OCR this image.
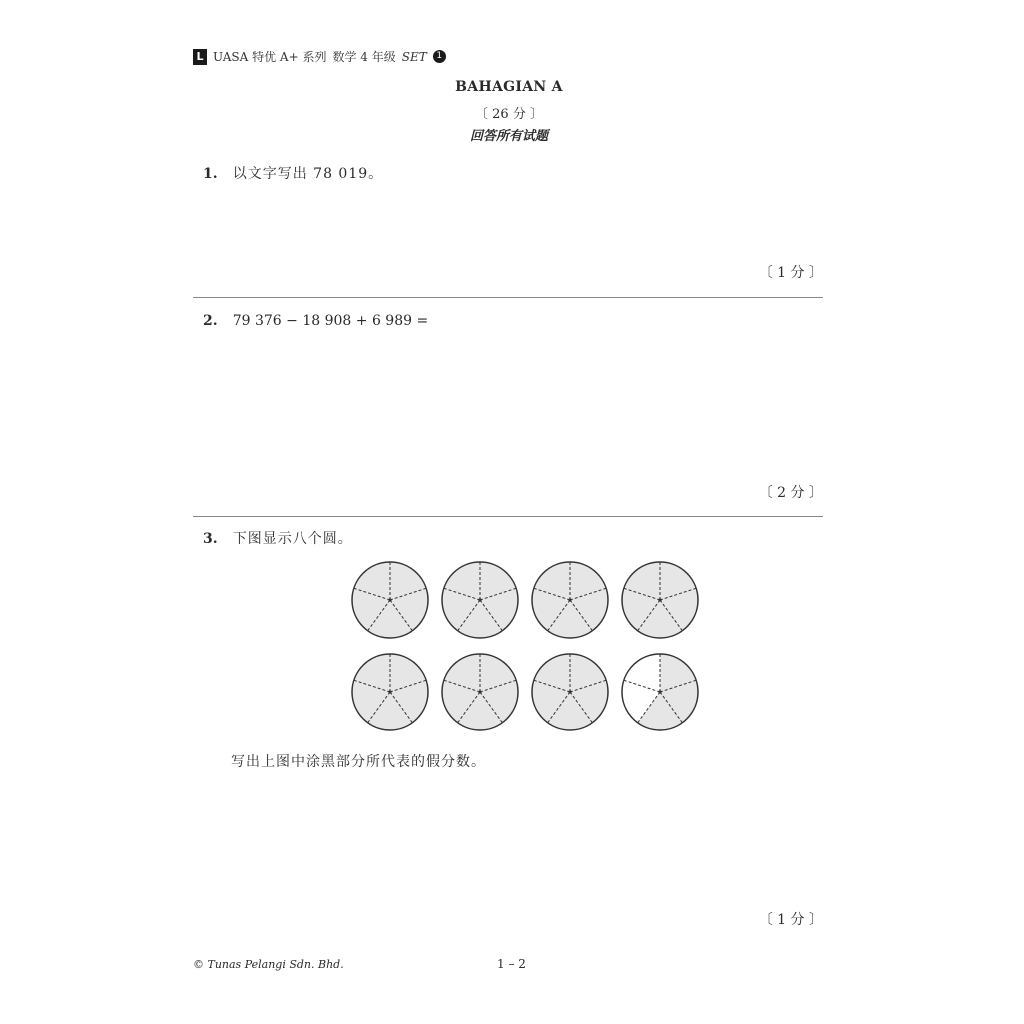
L UASA 特优 A+ 系列 数学 4 年级 SET	1
BAHAGIAN A
〔 26 分 〕
回答所有试题
1. 以文字写出 78 019。
〔 1 分 〕
2. 79 376 − 18 908 + 6 989 =
〔 2 分 〕
3. 下图显示八个圆。
写出上图中涂黑部分所代表的假分数。
〔 1 分 〕
© Tunas Pelangi Sdn. Bhd.	1 – 2
